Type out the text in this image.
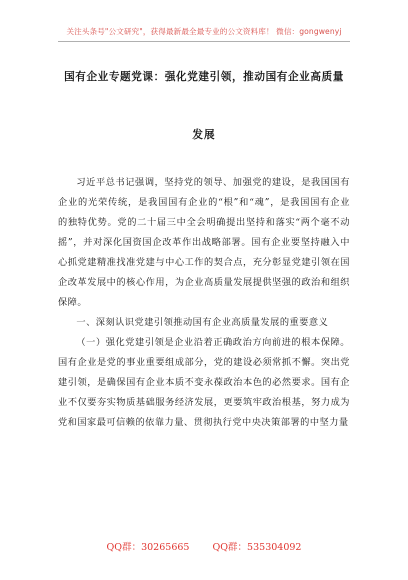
关注头条号"公文研究"，获得最新最全最专业的公文资料库！ 微信：gongwenyj
国有企业专题党课：强化党建引领，推动国有企业高质量
发展

习近平总书记强调，坚持党的领导、加强党的建设，是我国国有企业的光荣传统，是我国国有企业的“根”和“魂”，是我国国有企业的独特优势。党的二十届三中全会明确提出坚持和落实“两个毫不动摇”，并对深化国资国企改革作出战略部署。国有企业要坚持融入中心抓党建精准找准党建与中心工作的契合点，充分彰显党建引领在国企改革发展中的核心作用，为企业高质量发展提供坚强的政治和组织保障。

一、深刻认识党建引领推动国有企业高质量发展的重要意义

（一）强化党建引领是企业沿着正确政治方向前进的根本保障。国有企业是党的事业重要组成部分，党的建设必须常抓不懈。突出党建引领，是确保国有企业本质不变永葆政治本色的必然要求。国有企业不仅要夯实物质基础服务经济发展，更要筑牢政治根基，努力成为党和国家最可信赖的依靠力量、贯彻执行党中央决策部署的中坚力量

QQ群：30265665 QQ群：535304092
